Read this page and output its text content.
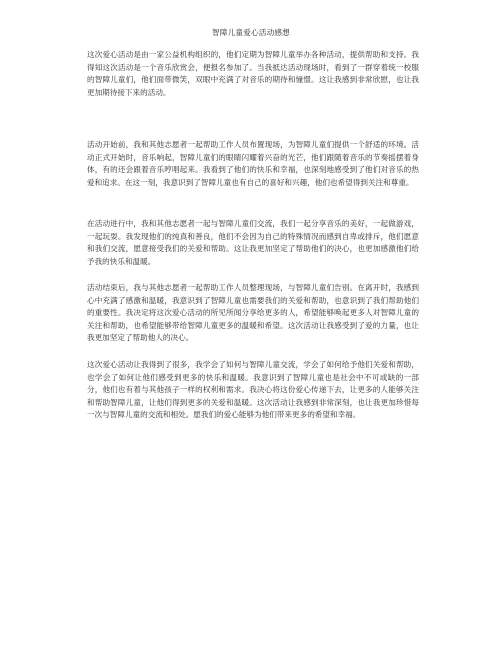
智障儿童爱心活动感想

这次爱心活动是由一家公益机构组织的，他们定期为智障儿童举办各种活动，提供帮助和支持。我得知这次活动是一个音乐欣赏会，便报名参加了。当我抵达活动现场时，看到了一群穿着统一校服的智障儿童们，他们面带微笑，双眼中充满了对音乐的期待和憧憬。这让我感到非常欣慰，也让我更加期待接下来的活动。

活动开始前，我和其他志愿者一起帮助工作人员布置现场，为智障儿童们提供一个舒适的环境。活动正式开始时，音乐响起，智障儿童们的眼睛闪耀着兴奋的光芒，他们跟随着音乐的节奏摇摆着身体，有的还会跟着音乐哼唱起来。我看到了他们的快乐和幸福，也深刻地感受到了他们对音乐的热爱和追求。在这一刻，我意识到了智障儿童也有自己的喜好和兴趣，他们也希望得到关注和尊重。

在活动进行中，我和其他志愿者一起与智障儿童们交流，我们一起分享音乐的美好，一起做游戏，一起玩耍。我发现他们的纯真和善良，他们不会因为自己的特殊情况而感到自卑或排斥，他们愿意和我们交流，愿意接受我们的关爱和帮助。这让我更加坚定了帮助他们的决心，也更加感激他们给予我的快乐和温暖。

活动结束后，我与其他志愿者一起帮助工作人员整理现场，与智障儿童们告别。在离开时，我感到心中充满了感激和温暖，我意识到了智障儿童也需要我们的关爱和帮助，也意识到了我们帮助他们的重要性。我决定将这次爱心活动的所见所闻分享给更多的人，希望能够唤起更多人对智障儿童的关注和帮助，也希望能够带给智障儿童更多的温暖和希望。这次活动让我感受到了爱的力量，也让我更加坚定了帮助他人的决心。

这次爱心活动让我得到了很多，我学会了如何与智障儿童交流，学会了如何给予他们关爱和帮助，也学会了如何让他们感受到更多的快乐和温暖。我意识到了智障儿童也是社会中不可或缺的一部分，他们也有着与其他孩子一样的权利和需求。我决心将这份爱心传递下去，让更多的人能够关注和帮助智障儿童，让他们得到更多的关爱和温暖。这次活动让我感到非常深刻，也让我更加珍惜每一次与智障儿童的交流和相处。愿我们的爱心能够为他们带来更多的希望和幸福。
